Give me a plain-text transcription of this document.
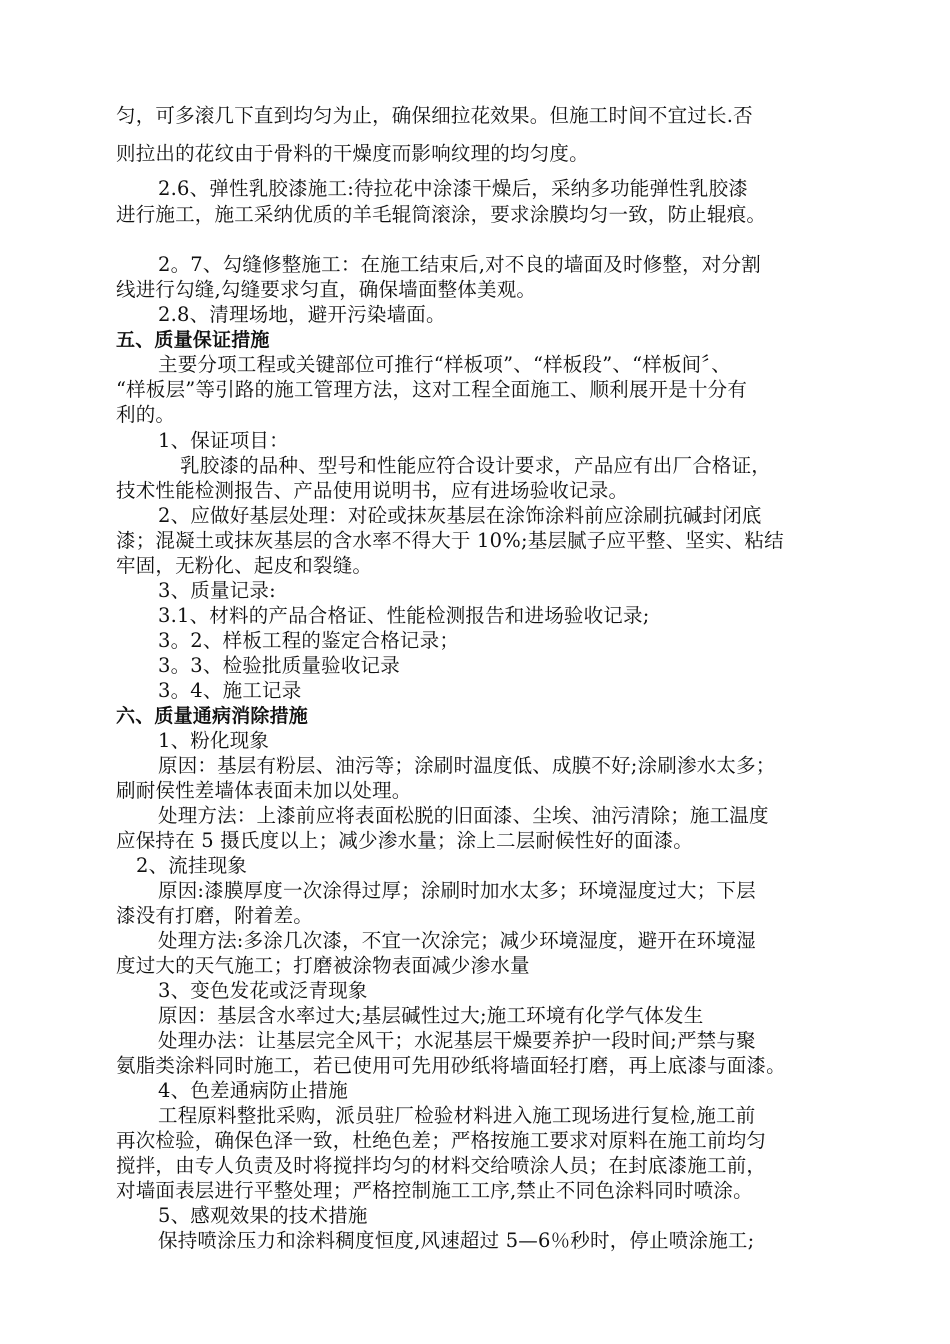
匀，可多滚几下直到均匀为止，确保细拉花效果。但施工时间不宜过长.否
则拉出的花纹由于骨料的干燥度而影响纹理的均匀度。
2.6、弹性乳胶漆施工:待拉花中涂漆干燥后，采纳多功能弹性乳胶漆
进行施工，施工采纳优质的羊毛辊筒滚涂，要求涂膜均匀一致，防止辊痕。
2。7、勾缝修整施工：在施工结束后,对不良的墙面及时修整，对分割
线进行勾缝,勾缝要求匀直，确保墙面整体美观。
2.8、清理场地，避开污染墙面。
五、质量保证措施
主要分项工程或关键部位可推行“样板项”、“样板段”、“样板间〞、
“样板层”等引路的施工管理方法，这对工程全面施工、顺利展开是十分有
利的。
1、保证项目：
乳胶漆的品种、型号和性能应符合设计要求，产品应有出厂合格证，
技术性能检测报告、产品使用说明书，应有进场验收记录。
2、应做好基层处理：对砼或抹灰基层在涂饰涂料前应涂刷抗碱封闭底
漆；混凝土或抹灰基层的含水率不得大于 10%;基层腻子应平整、坚实、粘结
牢固，无粉化、起皮和裂缝。
3、质量记录:
3.1、材料的产品合格证、性能检测报告和进场验收记录;
3。2、样板工程的鉴定合格记录；
3。3、检验批质量验收记录
3。4、施工记录
六、质量通病消除措施
1、粉化现象
原因：基层有粉层、油污等；涂刷时温度低、成膜不好;涂刷渗水太多；
刷耐侯性差墙体表面未加以处理。
处理方法：上漆前应将表面松脱的旧面漆、尘埃、油污清除；施工温度
应保持在 5 摄氏度以上；减少渗水量；涂上二层耐候性好的面漆。
2、流挂现象
原因:漆膜厚度一次涂得过厚；涂刷时加水太多；环境湿度过大；下层
漆没有打磨，附着差。
处理方法:多涂几次漆，不宜一次涂完；减少环境湿度，避开在环境湿
度过大的天气施工；打磨被涂物表面减少渗水量
3、变色发花或泛青现象
原因：基层含水率过大;基层碱性过大;施工环境有化学气体发生
处理办法：让基层完全风干；水泥基层干燥要养护一段时间;严禁与聚
氨脂类涂料同时施工，若已使用可先用砂纸将墙面轻打磨，再上底漆与面漆。
4、色差通病防止措施
工程原料整批采购，派员驻厂检验材料进入施工现场进行复检,施工前
再次检验，确保色泽一致，杜绝色差；严格按施工要求对原料在施工前均匀
搅拌，由专人负责及时将搅拌均匀的材料交给喷涂人员；在封底漆施工前，
对墙面表层进行平整处理；严格控制施工工序,禁止不同色涂料同时喷涂。
5、感观效果的技术措施
保持喷涂压力和涂料稠度恒度,风速超过 5—6％秒时，停止喷涂施工;
